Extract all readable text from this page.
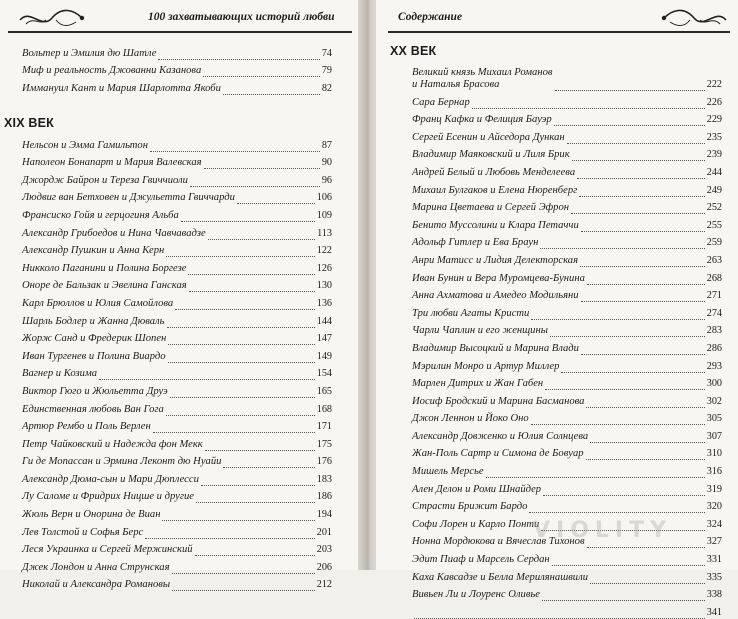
100 захватывающих историй любви
Вольтер и Эмилия дю Шатле	74
Миф и реальность Джованни Казанова	79
Иммануил Кант и Мария Шарлотта Якоби	82
XIX ВЕК
Нельсон и Эмма Гамильтон	87
Наполеон Бонапарт и Мария Валевская	90
Джордж Байрон и Тереза Гвиччиоли	96
Людвиг ван Бетховен и Джульетта Гвиччарди	106
Франсиско Гойя и герцогиня Альба	109
Александр Грибоедов и Нина Чавчавадзе	113
Александр Пушкин и Анна Керн	122
Никколо Паганини и Полина Боргезе	126
Оноре де Бальзак и Эвелина Ганская	130
Карл Брюллов и Юлия Самойлова	136
Шарль Бодлер и Жанна Дюваль	144
Жорж Санд и Фредерик Шопен	147
Иван Тургенев и Полина Виардо	149
Вагнер и Козима	154
Виктор Гюго и Жюльетта Друэ	165
Единственная любовь Ван Гога	168
Артюр Рембо и Поль Верлен	171
Петр Чайковский и Надежда фон Мекк	175
Ги де Мопассан и Эрмина Леконт дю Нуайи	176
Александр Дюма-сын и Мари Дюплесси	183
Лу Саломе и Фридрих Ницше и другие	186
Жюль Верн и Онорина де Виан	194
Лев Толстой и Софья Берс	201
Леся Украинка и Сергей Мержинский	203
Джек Лондон и Анна Струнская	206
Николай и Александра Романовы	212
Содержание
XX ВЕК
Великий князь Михаил Романов
и Наталья Брасова	222
Сара Бернар	226
Франц Кафка и Фелиция Бауэр	229
Сергей Есенин и Айседора Дункан	235
Владимир Маяковский и Лиля Брик	239
Андрей Белый и Любовь Менделеева	244
Михаил Булгаков и Елена Нюренберг	249
Марина Цветаева и Сергей Эфрон	252
Бенито Муссолини и Клара Петаччи	255
Адольф Гитлер и Ева Браун	259
Анри Матисс и Лидия Делекторская	263
Иван Бунин и Вера Муромцева-Бунина	268
Анна Ахматова и Амедео Модильяни	271
Три любви Агаты Кристи	274
Чарли Чаплин и его женщины	283
Владимир Высоцкий и Марина Влади	286
Мэрилин Монро и Артур Миллер	293
Марлен Дитрих и Жан Габен	300
Иосиф Бродский и Марина Басманова	302
Джон Леннон и Йоко Оно	305
Александр Довженко и Юлия Солнцева	307
Жан-Поль Сартр и Симона де Бовуар	310
Мишель Мерсье	316
Ален Делон и Роми Шнайдер	319
Страсти Брижит Бардо	320
Софи Лорен и Карло Понти	324
Нонна Мордюкова и Вячеслав Тихонов	327
Эдит Пиаф и Марсель Сердан	331
Каха Кавсадзе и Белла Мерилянашвили	335
Вивьен Ли и Лоуренс Оливье	338
341
VIOLITY
